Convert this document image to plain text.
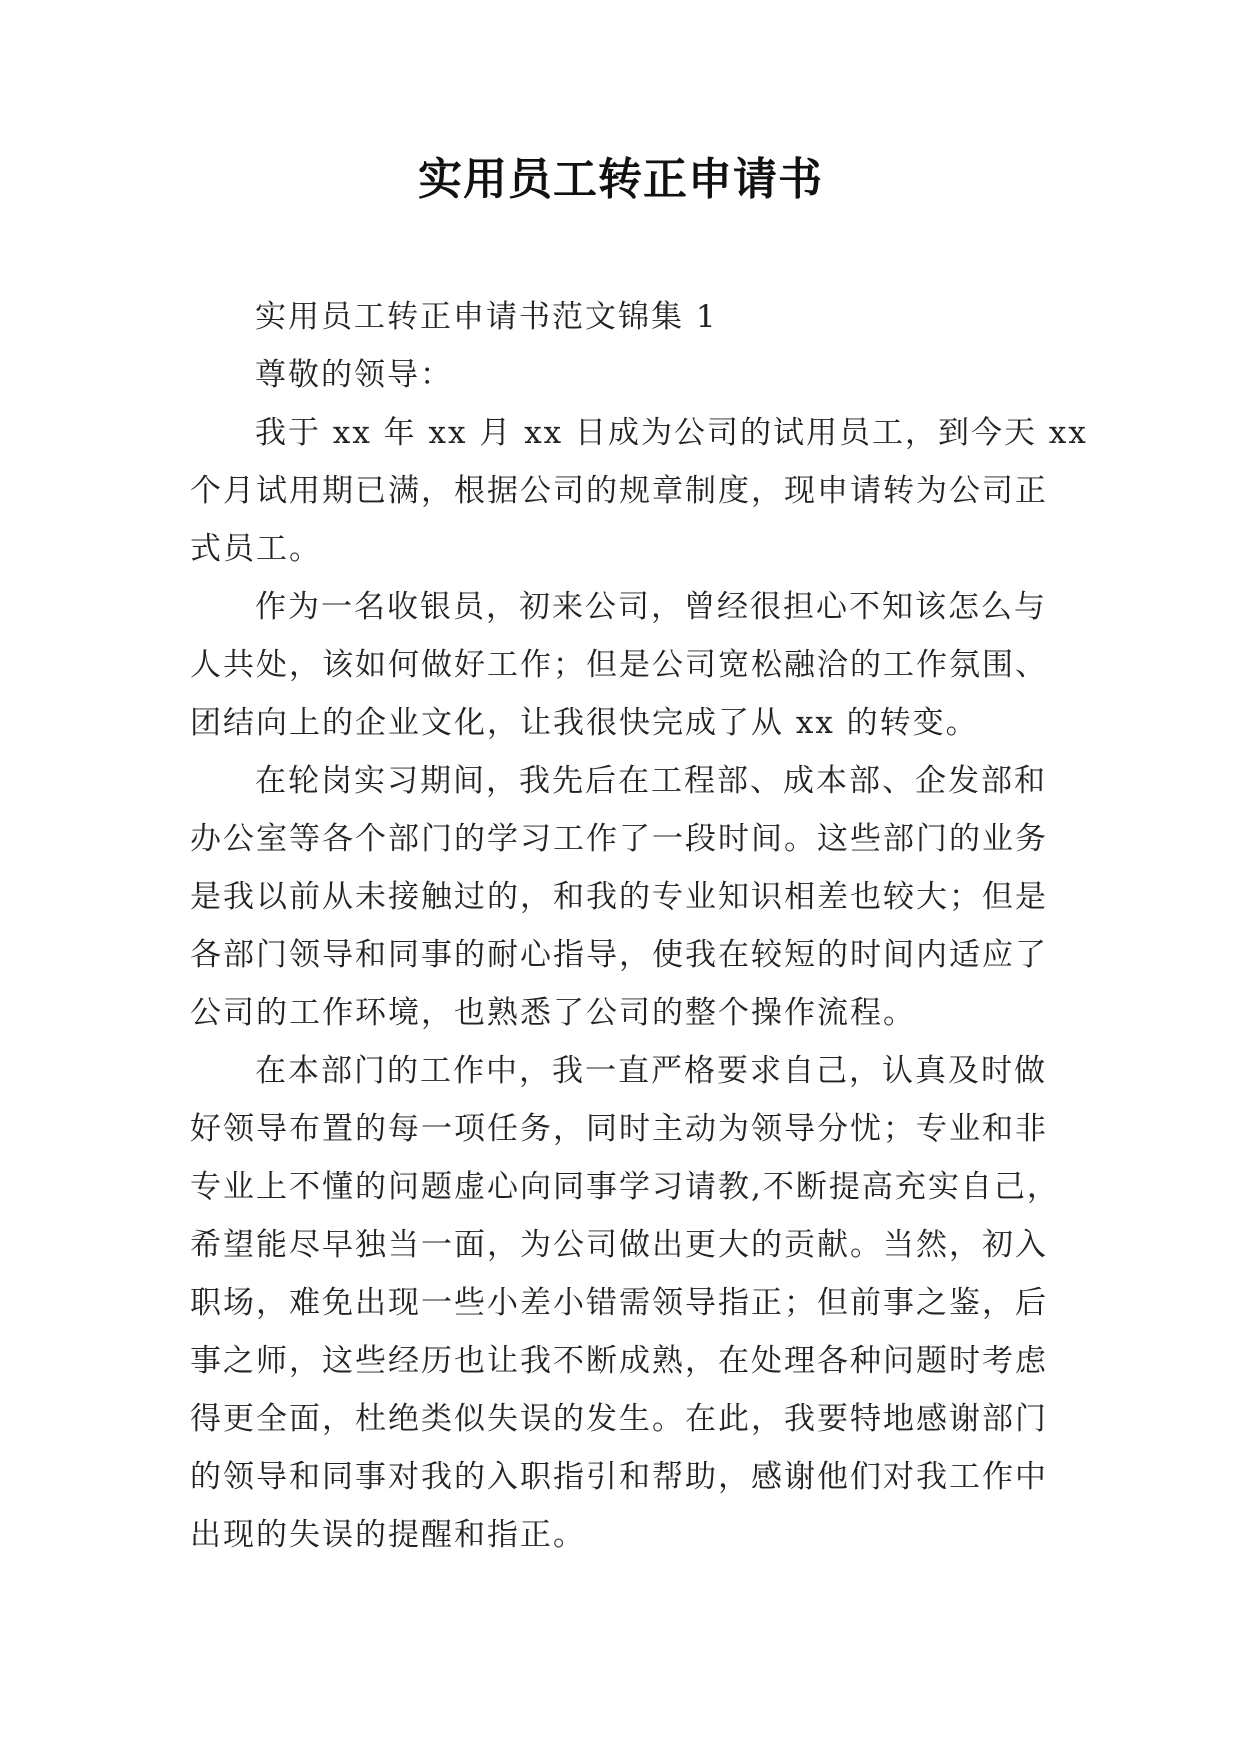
实用员工转正申请书

实用员工转正申请书范文锦集 1

尊敬的领导：

我于 xx 年 xx 月 xx 日成为公司的试用员工，到今天 xx

个月试用期已满，根据公司的规章制度，现申请转为公司正

式员工。

作为一名收银员，初来公司，曾经很担心不知该怎么与

人共处，该如何做好工作；但是公司宽松融洽的工作氛围、

团结向上的企业文化，让我很快完成了从 xx 的转变。

在轮岗实习期间，我先后在工程部、成本部、企发部和

办公室等各个部门的学习工作了一段时间。这些部门的业务

是我以前从未接触过的，和我的专业知识相差也较大；但是

各部门领导和同事的耐心指导，使我在较短的时间内适应了

公司的工作环境，也熟悉了公司的整个操作流程。

在本部门的工作中，我一直严格要求自己，认真及时做

好领导布置的每一项任务，同时主动为领导分忧；专业和非

专业上不懂的问题虚心向同事学习请教,不断提高充实自己，

希望能尽早独当一面，为公司做出更大的贡献。当然，初入

职场，难免出现一些小差小错需领导指正；但前事之鉴，后

事之师，这些经历也让我不断成熟，在处理各种问题时考虑

得更全面，杜绝类似失误的发生。在此，我要特地感谢部门

的领导和同事对我的入职指引和帮助，感谢他们对我工作中

出现的失误的提醒和指正。
